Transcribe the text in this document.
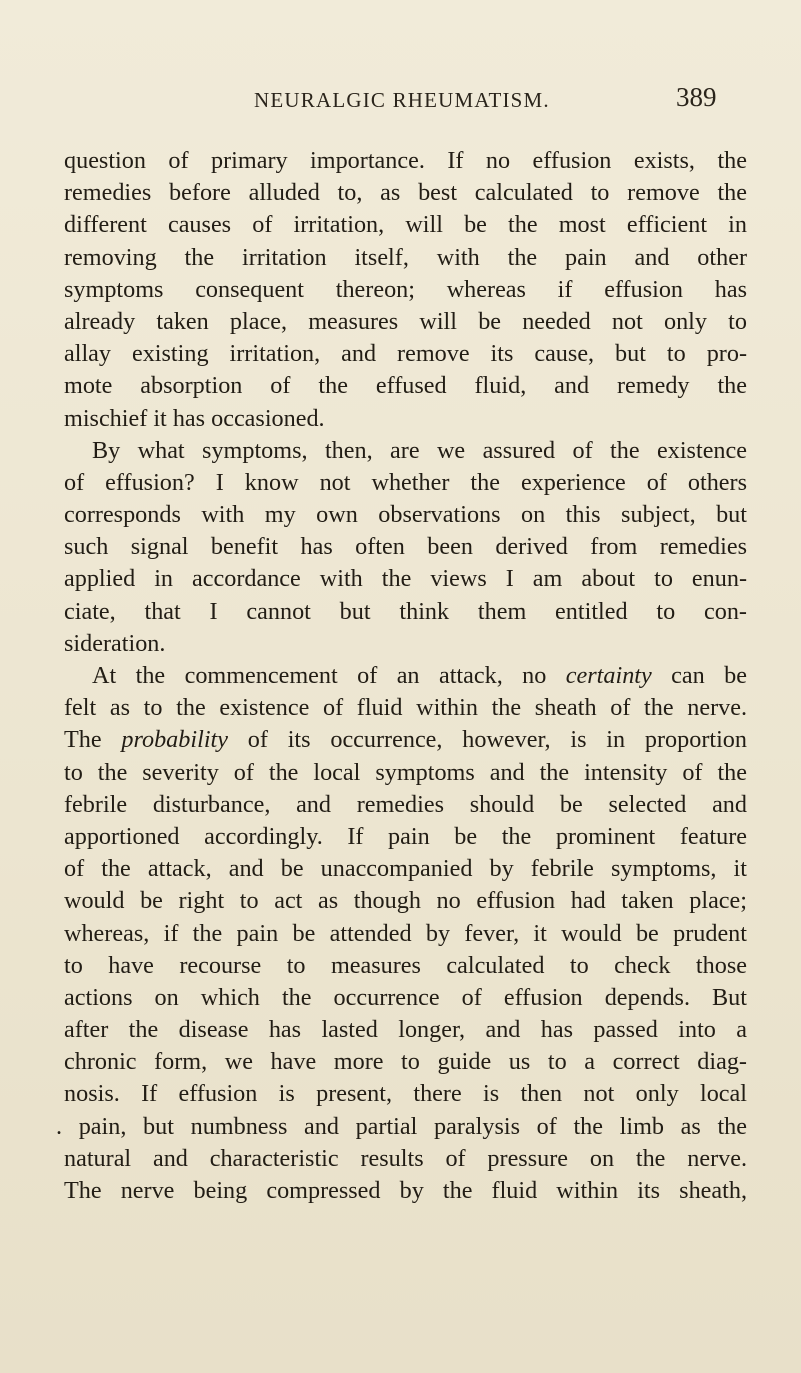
NEURALGIC RHEUMATISM.	389
question of primary importance. If no effusion exists, the
remedies before alluded to, as best calculated to remove the
different causes of irritation, will be the most efficient in
removing the irritation itself, with the pain and other
symptoms consequent thereon; whereas if effusion has
already taken place, measures will be needed not only to
allay existing irritation, and remove its cause, but to pro-
mote absorption of the effused fluid, and remedy the
mischief it has occasioned.
By what symptoms, then, are we assured of the existence
of effusion? I know not whether the experience of others
corresponds with my own observations on this subject, but
such signal benefit has often been derived from remedies
applied in accordance with the views I am about to enun-
ciate, that I cannot but think them entitled to con-
sideration.
At the commencement of an attack, no certainty can be
felt as to the existence of fluid within the sheath of the nerve.
The probability of its occurrence, however, is in proportion
to the severity of the local symptoms and the intensity of the
febrile disturbance, and remedies should be selected and
apportioned accordingly. If pain be the prominent feature
of the attack, and be unaccompanied by febrile symptoms, it
would be right to act as though no effusion had taken place;
whereas, if the pain be attended by fever, it would be prudent
to have recourse to measures calculated to check those
actions on which the occurrence of effusion depends. But
after the disease has lasted longer, and has passed into a
chronic form, we have more to guide us to a correct diag-
nosis. If effusion is present, there is then not only local
. pain, but numbness and partial paralysis of the limb as the
natural and characteristic results of pressure on the nerve.
The nerve being compressed by the fluid within its sheath,
